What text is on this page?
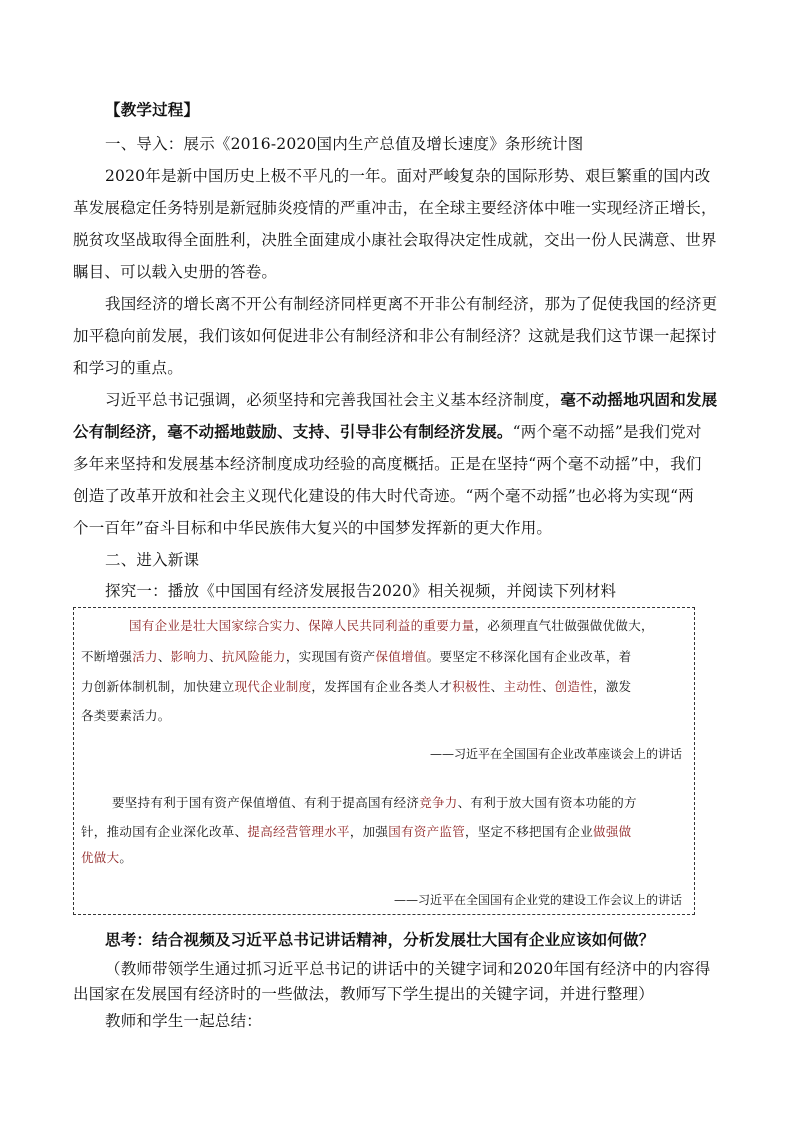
【教学过程】
一、导入：展示《2016-2020国内生产总值及增长速度》条形统计图
2020年是新中国历史上极不平凡的一年。面对严峻复杂的国际形势、艰巨繁重的国内改
革发展稳定任务特别是新冠肺炎疫情的严重冲击，在全球主要经济体中唯一实现经济正增长，
脱贫攻坚战取得全面胜利，决胜全面建成小康社会取得决定性成就，交出一份人民满意、世界
瞩目、可以载入史册的答卷。
我国经济的增长离不开公有制经济同样更离不开非公有制经济，那为了促使我国的经济更
加平稳向前发展，我们该如何促进非公有制经济和非公有制经济？这就是我们这节课一起探讨
和学习的重点。
习近平总书记强调，必须坚持和完善我国社会主义基本经济制度，毫不动摇地巩固和发展
公有制经济，毫不动摇地鼓励、支持、引导非公有制经济发展。“两个毫不动摇”是我们党对
多年来坚持和发展基本经济制度成功经验的高度概括。正是在坚持“两个毫不动摇”中，我们
创造了改革开放和社会主义现代化建设的伟大时代奇迹。“两个毫不动摇”也必将为实现“两
个一百年”奋斗目标和中华民族伟大复兴的中国梦发挥新的更大作用。
二、进入新课
探究一：播放《中国国有经济发展报告2020》相关视频，并阅读下列材料
国有企业是壮大国家综合实力、保障人民共同利益的重要力量，必须理直气壮做强做优做大，
不断增强活力、影响力、抗风险能力，实现国有资产保值增值。要坚定不移深化国有企业改革，着
力创新体制机制，加快建立现代企业制度，发挥国有企业各类人才积极性、主动性、创造性，激发
各类要素活力。
——习近平在全国国有企业改革座谈会上的讲话
要坚持有利于国有资产保值增值、有利于提高国有经济竞争力、有利于放大国有资本功能的方
针，推动国有企业深化改革、提高经营管理水平，加强国有资产监管，坚定不移把国有企业做强做
优做大。
——习近平在全国国有企业党的建设工作会议上的讲话
思考：结合视频及习近平总书记讲话精神，分析发展壮大国有企业应该如何做？
（教师带领学生通过抓习近平总书记的讲话中的关键字词和2020年国有经济中的内容得
出国家在发展国有经济时的一些做法，教师写下学生提出的关键字词，并进行整理）
教师和学生一起总结：
